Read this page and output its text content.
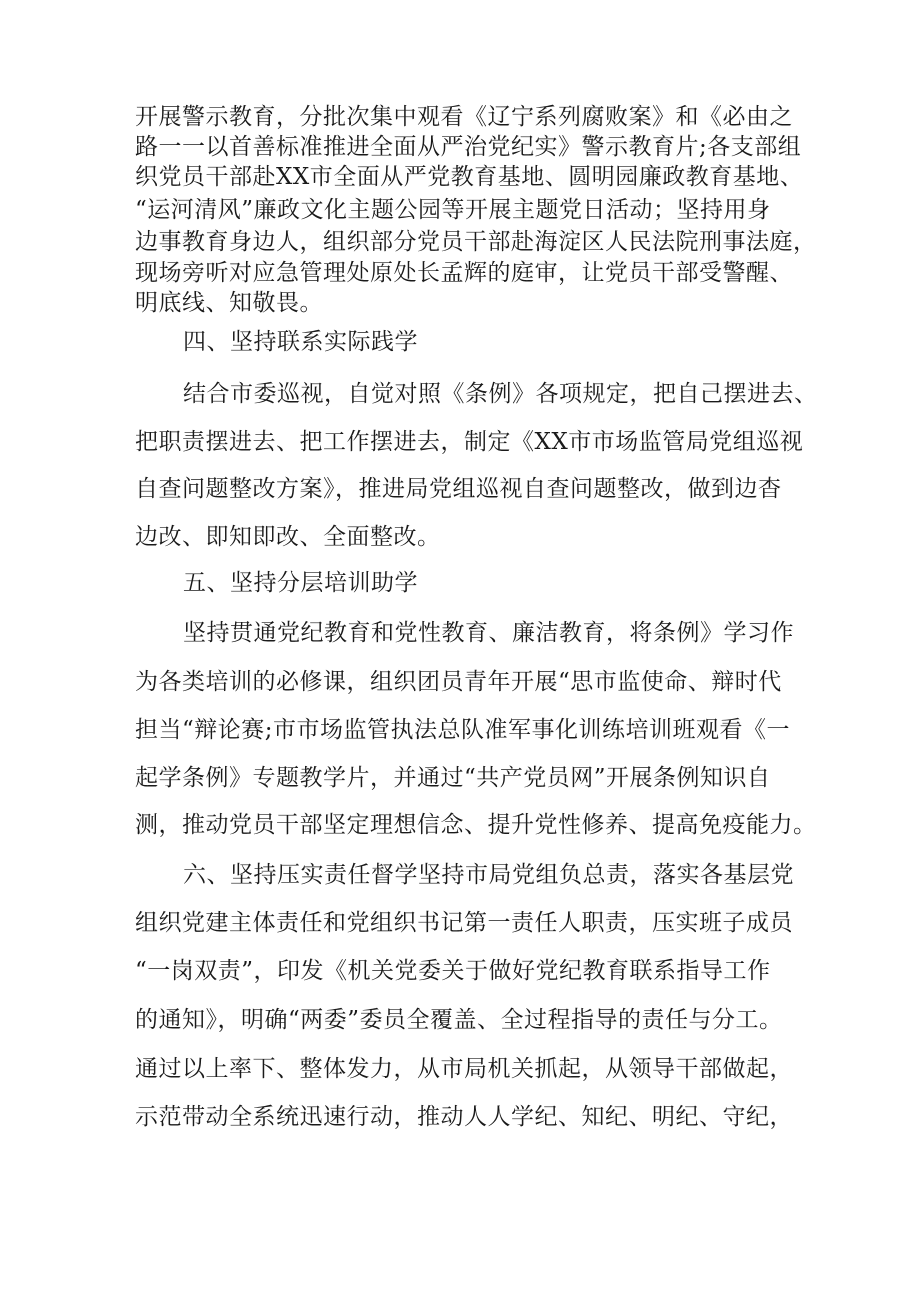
开展警示教育，分批次集中观看《辽宁系列腐败案》和《必由之
路一一以首善标准推进全面从严治党纪实》警示教育片;各支部组
织党员干部赴XX市全面从严党教育基地、圆明园廉政教育基地、
“运河清风”廉政文化主题公园等开展主题党日活动；坚持用身
边事教育身边人，组织部分党员干部赴海淀区人民法院刑事法庭，
现场旁听对应急管理处原处长孟辉的庭审，让党员干部受警醒、
明底线、知敬畏。
四、坚持联系实际践学
结合市委巡视，自觉对照《条例》各项规定，把自己摆进去、
把职责摆进去、把工作摆进去，制定《XX市市场监管局党组巡视
自查问题整改方案》，推进局党组巡视自查问题整改，做到边杳
边改、即知即改、全面整改。
五、坚持分层培训助学
坚持贯通党纪教育和党性教育、廉洁教育，将条例》学习作
为各类培训的必修课，组织团员青年开展“思市监使命、辩时代
担当“辩论赛;市市场监管执法总队准军事化训练培训班观看《一
起学条例》专题教学片，并通过“共产党员网”开展条例知识自
测，推动党员干部坚定理想信念、提升党性修养、提高免疫能力。
六、坚持压实责任督学坚持市局党组负总责，落实各基层党
组织党建主体责任和党组织书记第一责任人职责，压实班子成员
“一岗双责”，印发《机关党委关于做好党纪教育联系指导工作
的通知》，明确“两委”委员全覆盖、全过程指导的责任与分工。
通过以上率下、整体发力，从市局机关抓起，从领导干部做起，
示范带动全系统迅速行动，推动人人学纪、知纪、明纪、守纪，
